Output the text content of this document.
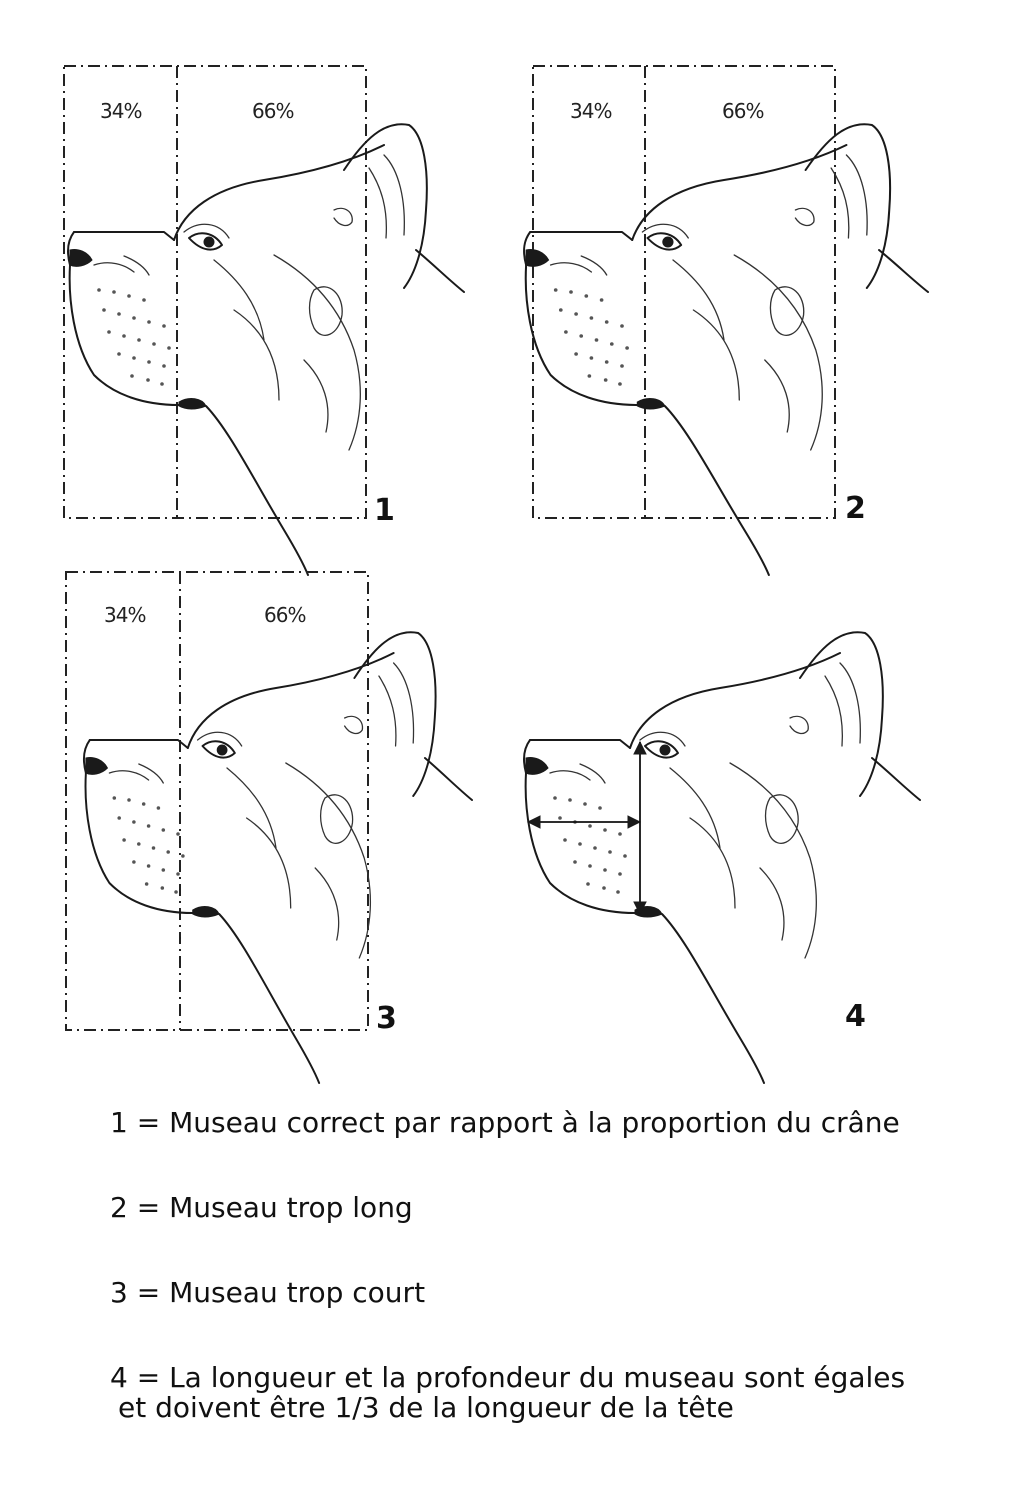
34%	66%
1
34%	66%
2
34%	66%
3	4

1 = Museau correct par rapport à la proportion du crâne

2 = Museau trop long

3 = Museau trop court

4 = La longueur et la profondeur du museau sont égales
et doivent être 1/3 de la longueur de la tête
